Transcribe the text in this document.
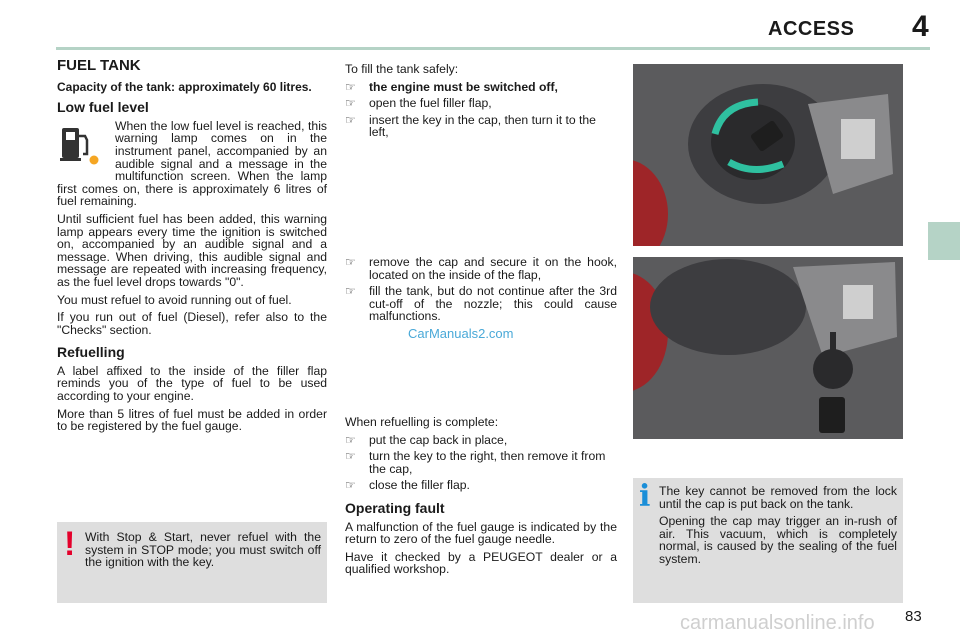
ACCESS 4
FUEL TANK
Capacity of the tank: approximately 60 litres.
Low fuel level

When the low fuel level is reached, this warning lamp comes on in the instrument panel, accompanied by an audible signal and a message in the multifunction screen. When the lamp first comes on, there is approximately 6 litres of fuel remaining.

Until sufficient fuel has been added, this warning lamp appears every time the ignition is switched on, accompanied by an audible signal and a message. When driving, this audible signal and message are repeated with increasing frequency, as the fuel level drops towards "0".

You must refuel to avoid running out of fuel.

If you run out of fuel (Diesel), refer also to the "Checks" section.

Refuelling

A label affixed to the inside of the filler flap reminds you of the type of fuel to be used according to your engine.

More than 5 litres of fuel must be added in order to be registered by the fuel gauge.

! With Stop & Start, never refuel with the system in STOP mode; you must switch off the ignition with the key.

To fill the tank safely:

☞ the engine must be switched off,
☞ open the fuel filler flap,
☞ insert the key in the cap, then turn it to the left,
☞ remove the cap and secure it on the hook, located on the inside of the flap,
☞ fill the tank, but do not continue after the 3rd cut-off of the nozzle; this could cause malfunctions.
CarManuals2.com

When refuelling is complete:

☞ put the cap back in place,
☞ turn the key to the right, then remove it from the cap,
☞ close the filler flap.
Operating fault

A malfunction of the fuel gauge is indicated by the return to zero of the fuel gauge needle.

Have it checked by a PEUGEOT dealer or a qualified workshop.

i The key cannot be removed from the lock until the cap is put back on the tank.

Opening the cap may trigger an in-rush of air. This vacuum, which is completely normal, is caused by the sealing of the fuel system.

83
carmanualsonline.info
